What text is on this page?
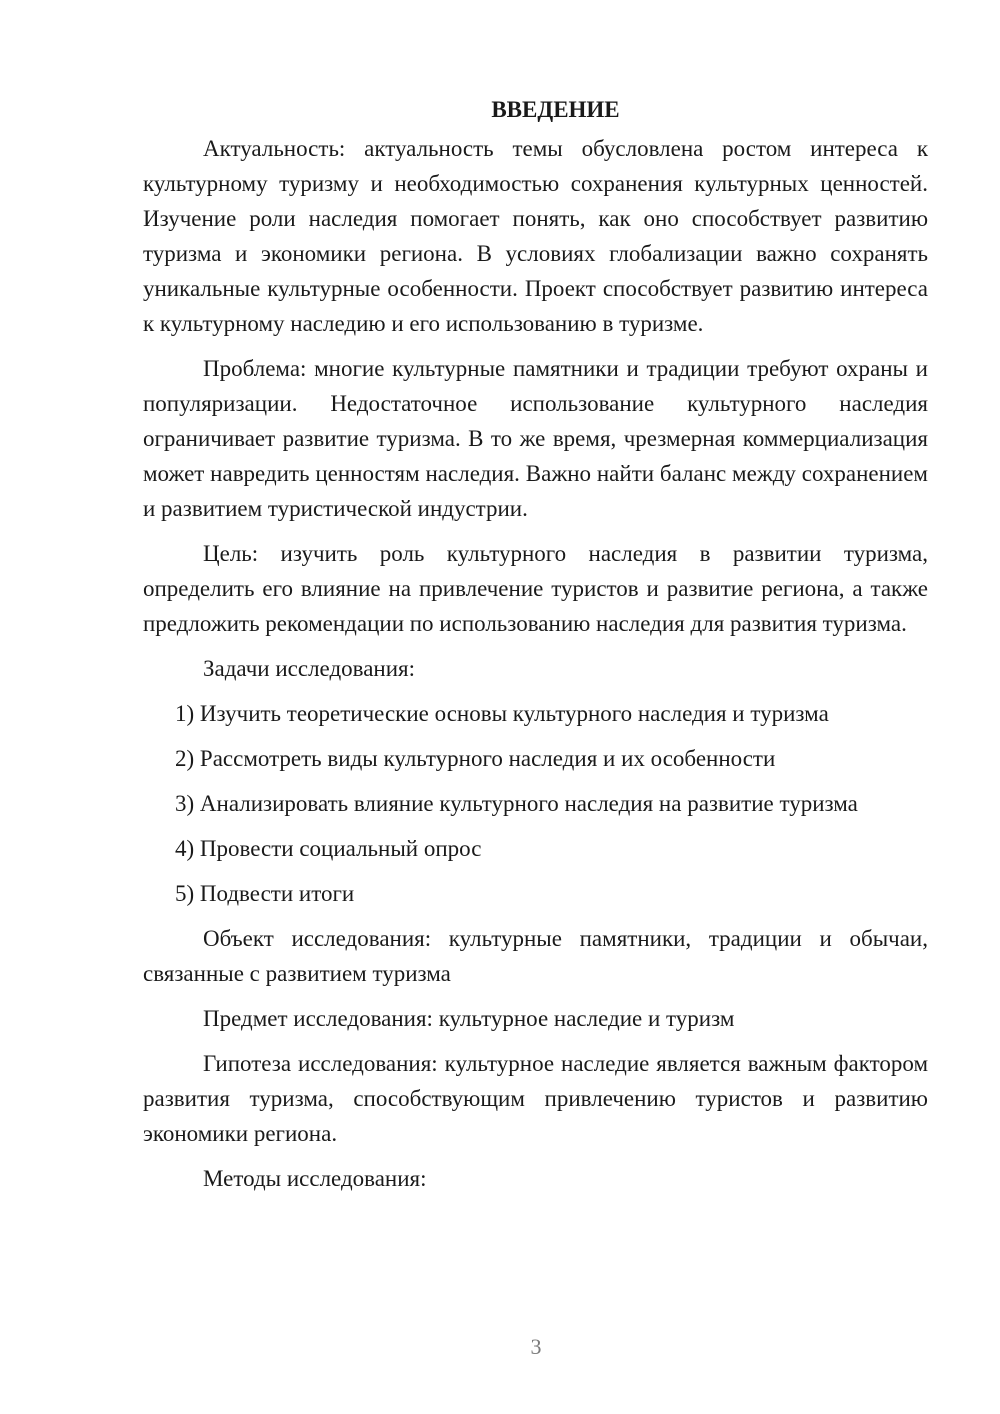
ВВЕДЕНИЕ

Актуальность: актуальность темы обусловлена ростом интереса к культурному туризму и необходимостью сохранения культурных ценностей. Изучение роли наследия помогает понять, как оно способствует развитию туризма и экономики региона. В условиях глобализации важно сохранять уникальные культурные особенности. Проект способствует развитию интереса к культурному наследию и его использованию в туризме.

Проблема: многие культурные памятники и традиции требуют охраны и популяризации. Недостаточное использование культурного наследия ограничивает развитие туризма. В то же время, чрезмерная коммерциализация может навредить ценностям наследия. Важно найти баланс между сохранением и развитием туристической индустрии.

Цель: изучить роль культурного наследия в развитии туризма, определить его влияние на привлечение туристов и развитие региона, а также предложить рекомендации по использованию наследия для развития туризма.

Задачи исследования:

1) Изучить теоретические основы культурного наследия и туризма
2) Рассмотреть виды культурного наследия и их особенности
3) Анализировать влияние культурного наследия на развитие туризма
4) Провести социальный опрос
5) Подвести итоги

Объект исследования: культурные памятники, традиции и обычаи, связанные с развитием туризма

Предмет исследования: культурное наследие и туризм

Гипотеза исследования: культурное наследие является важным фактором развития туризма, способствующим привлечению туристов и развитию экономики региона.

Методы исследования:

3
